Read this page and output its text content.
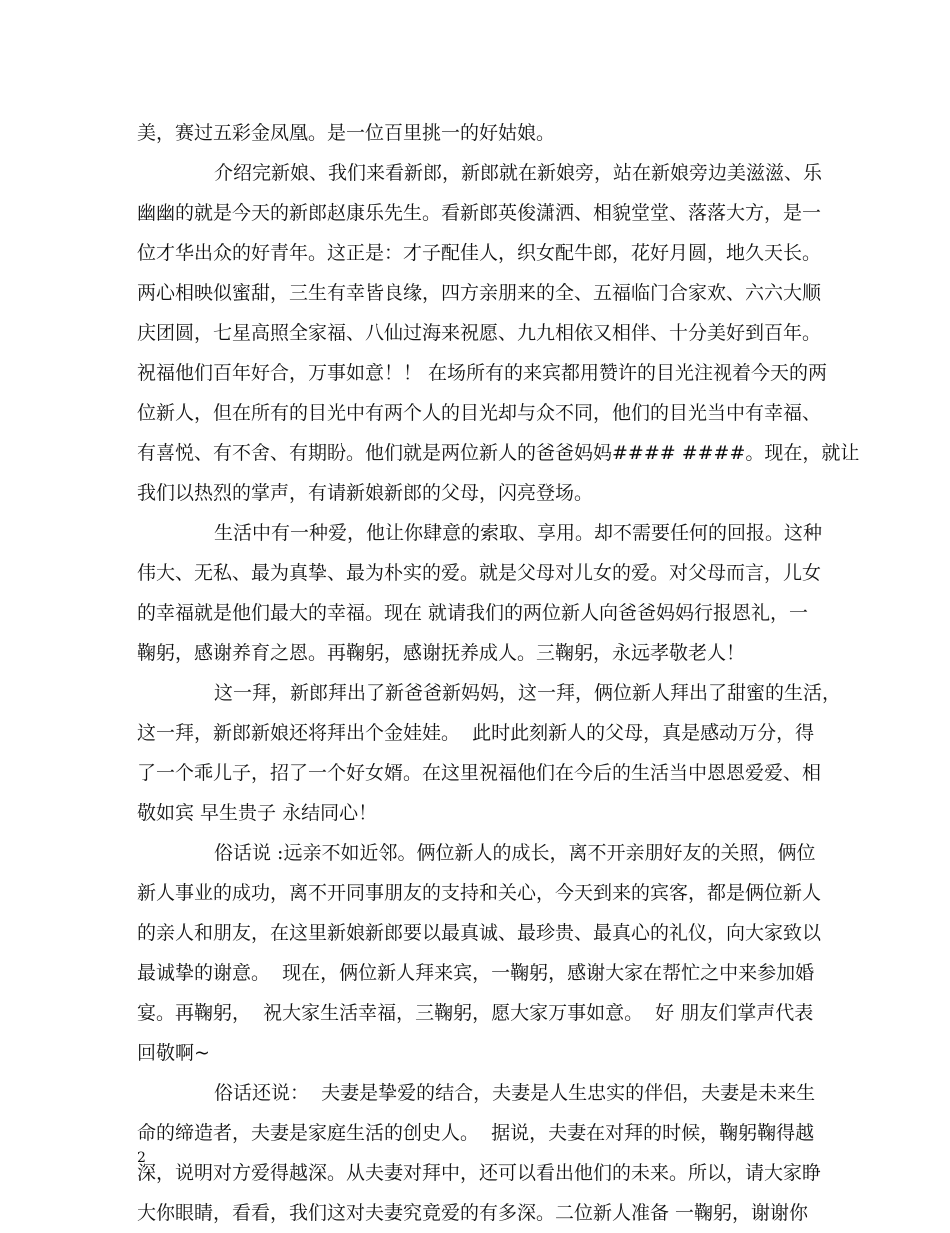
美，赛过五彩金凤凰。是一位百里挑一的好姑娘。
介绍完新娘、我们来看新郎，新郎就在新娘旁，站在新娘旁边美滋滋、乐
幽幽的就是今天的新郎赵康乐先生。看新郎英俊潇洒、相貌堂堂、落落大方，是一
位才华出众的好青年。这正是：才子配佳人，织女配牛郎，花好月圆，地久天长。
两心相映似蜜甜，三生有幸皆良缘，四方亲朋来的全、五福临门合家欢、六六大顺
庆团圆，七星高照全家福、八仙过海来祝愿、九九相依又相伴、十分美好到百年。
祝福他们百年好合，万事如意！！ 在场所有的来宾都用赞许的目光注视着今天的两
位新人，但在所有的目光中有两个人的目光却与众不同，他们的目光当中有幸福、
有喜悦、有不舍、有期盼。他们就是两位新人的爸爸妈妈#### ####。现在，就让
我们以热烈的掌声，有请新娘新郎的父母，闪亮登场。
生活中有一种爱，他让你肆意的索取、享用。却不需要任何的回报。这种
伟大、无私、最为真挚、最为朴实的爱。就是父母对儿女的爱。对父母而言，儿女
的幸福就是他们最大的幸福。现在 就请我们的两位新人向爸爸妈妈行报恩礼，一
鞠躬，感谢养育之恩。再鞠躬，感谢抚养成人。三鞠躬，永远孝敬老人！
这一拜，新郎拜出了新爸爸新妈妈，这一拜，俩位新人拜出了甜蜜的生活，
这一拜，新郎新娘还将拜出个金娃娃。  此时此刻新人的父母，真是感动万分，得
了一个乖儿子，招了一个好女婿。在这里祝福他们在今后的生活当中恩恩爱爱、相
敬如宾 早生贵子 永结同心！
俗话说 :远亲不如近邻。俩位新人的成长，离不开亲朋好友的关照，俩位
新人事业的成功，离不开同事朋友的支持和关心，今天到来的宾客，都是俩位新人
的亲人和朋友，在这里新娘新郎要以最真诚、最珍贵、最真心的礼仪，向大家致以
最诚挚的谢意。  现在，俩位新人拜来宾，一鞠躬，感谢大家在帮忙之中来参加婚
宴。再鞠躬，  祝大家生活幸福，三鞠躬，愿大家万事如意。  好 朋友们掌声代表
回敬啊~
俗话还说：  夫妻是挚爱的结合，夫妻是人生忠实的伴侣，夫妻是未来生
命的缔造者，夫妻是家庭生活的创史人。  据说，夫妻在对拜的时候，鞠躬鞠得越
深，说明对方爱得越深。从夫妻对拜中，还可以看出他们的未来。所以，请大家睁
大你眼睛，看看，我们这对夫妻究竟爱的有多深。二位新人准备 一鞠躬，谢谢你
2
